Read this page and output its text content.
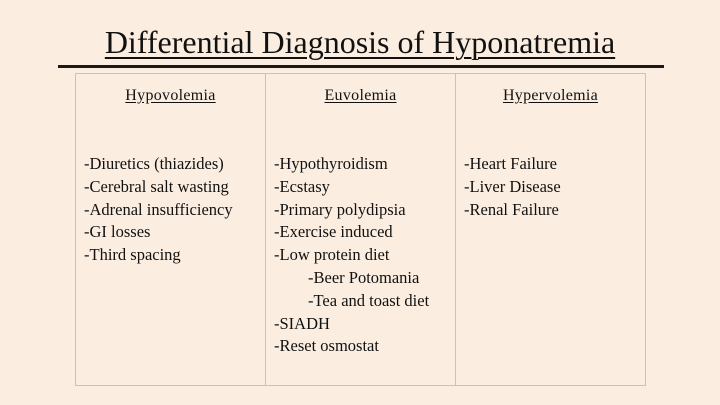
Differential Diagnosis of Hyponatremia
Hypovolemia
-Diuretics (thiazides)
-Cerebral salt wasting
-Adrenal insufficiency
-GI losses
-Third spacing
Euvolemia
-Hypothyroidism
-Ecstasy
-Primary polydipsia
-Exercise induced
-Low protein diet
-Beer Potomania
-Tea and toast diet
-SIADH
-Reset osmostat
Hypervolemia
-Heart Failure
-Liver Disease
-Renal Failure
